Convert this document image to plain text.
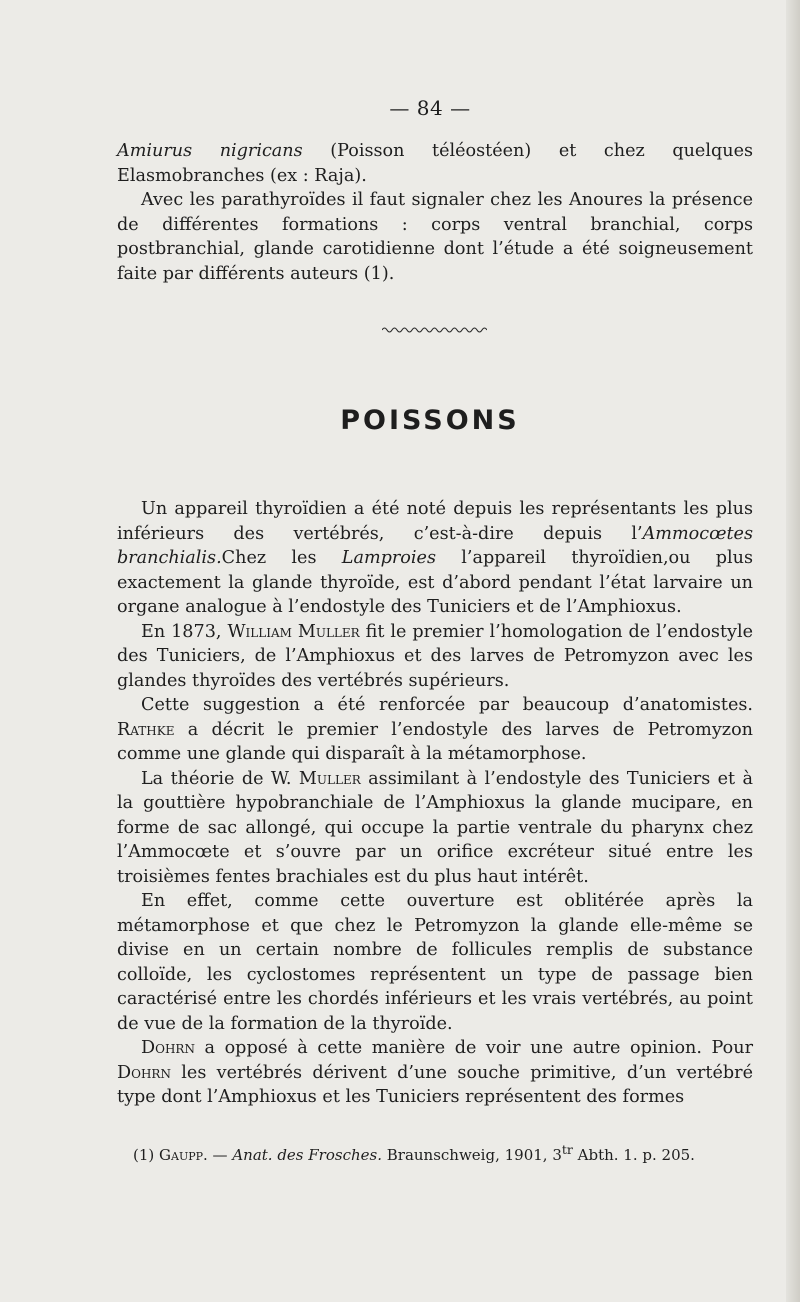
— 84 —

Amiurus nigricans (Poisson téléostéen) et chez quelques Elasmobranches (ex : Raja).

Avec les parathyroïdes il faut signaler chez les Anoures la présence de différentes formations : corps ventral branchial, corps postbranchial, glande carotidienne dont l’étude a été soigneusement faite par différents auteurs (1).

POISSONS

Un appareil thyroïdien a été noté depuis les représentants les plus inférieurs des vertébrés, c’est-à-dire depuis l’Ammocœtes branchialis.Chez les Lamproies l’appareil thyroïdien,ou plus exactement la glande thyroïde, est d’abord pendant l’état larvaire un organe analogue à l’endostyle des Tuniciers et de l’Amphioxus.

En 1873, William Muller fit le premier l’homologation de l’endostyle des Tuniciers, de l’Amphioxus et des larves de Petromyzon avec les glandes thyroïdes des vertébrés supérieurs.

Cette suggestion a été renforcée par beaucoup d’anatomistes. Rathke a décrit le premier l’endostyle des larves de Petromyzon comme une glande qui disparaît à la métamorphose.

La théorie de W. Muller assimilant à l’endostyle des Tuniciers et à la gouttière hypobranchiale de l’Amphioxus la glande mucipare, en forme de sac allongé, qui occupe la partie ventrale du pharynx chez l’Ammocœte et s’ouvre par un orifice excréteur situé entre les troisièmes fentes brachiales est du plus haut intérêt.

En effet, comme cette ouverture est oblitérée après la métamorphose et que chez le Petromyzon la glande elle-même se divise en un certain nombre de follicules remplis de substance colloïde, les cyclostomes représentent un type de passage bien caractérisé entre les chordés inférieurs et les vrais vertébrés, au point de vue de la formation de la thyroïde.

Dohrn a opposé à cette manière de voir une autre opinion. Pour Dohrn les vertébrés dérivent d’une souche primitive, d’un vertébré type dont l’Amphioxus et les Tuniciers représentent des formes

(1) Gaupp. — Anat. des Frosches. Braunschweig, 1901, $3^{tr}$ Abth. 1. p. 205.
